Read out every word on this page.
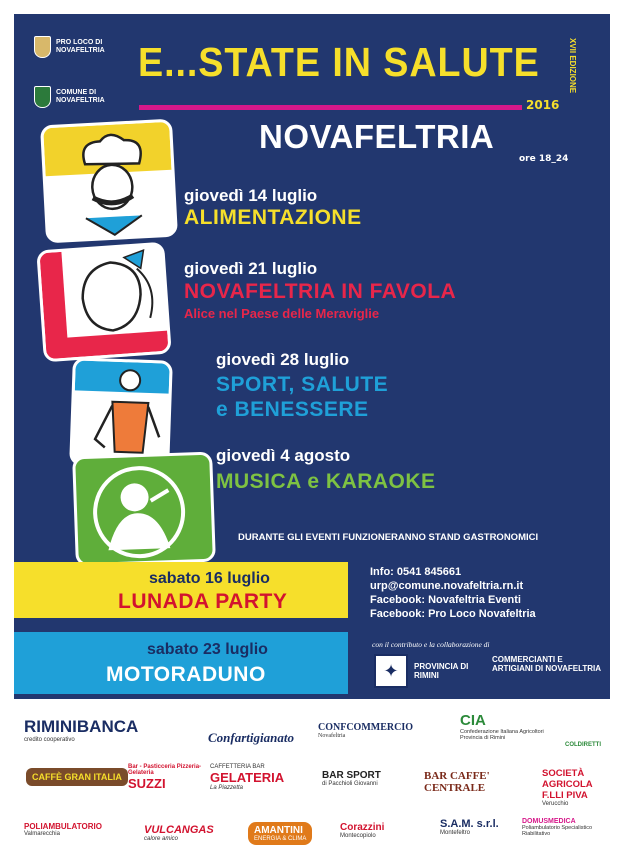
PRO LOCO DI NOVAFELTRIA
COMUNE DI NOVAFELTRIA
E...STATE IN SALUTE	XVII EDIZIONE
2016
NOVAFELTRIA
ore 18_24
giovedì 14 luglio
ALIMENTAZIONE
giovedì 21 luglio
NOVAFELTRIA IN FAVOLA
Alice nel Paese delle Meraviglie
giovedì 28 luglio
SPORT, SALUTE
e BENESSERE
giovedì 4 agosto
MUSICA e KARAOKE
DURANTE GLI EVENTI FUNZIONERANNO STAND GASTRONOMICI
sabato 16 luglio
LUNADA PARTY
sabato 23 luglio
MOTORADUNO
Info: 0541 845661
urp@comune.novafeltria.rn.it
Facebook: Novafeltria Eventi
Facebook: Pro Loco Novafeltria
con il contributo e la collaborazione di
✦	PROVINCIA DI RIMINI
COMMERCIANTI E ARTIGIANI DI NOVAFELTRIA
RIMINIBANCA
credito cooperativo	Confartigianato
CONFCOMMERCIO
Novafeltria
CIA
Confederazione Italiana Agricoltori Provincia di Rimini
COLDIRETTI
CAFFÈ GRAN ITALIA
Bar - Pasticceria Pizzeria-Gelateria
SUZZI
CAFFETTERIA BAR
GELATERIA
La Piazzetta
BAR SPORT
di Pacchioli Giovanni
BAR CAFFE' CENTRALE
SOCIETÀ AGRICOLA F.LLI PIVA
Verucchio
POLIAMBULATORIO
Valmarecchia	VULCANGAS
calore amico
AMANTINI
ENERGIA & CLIMA
Corazzini
Montecopiolo
S.A.M. s.r.l.
Montefeltro
DOMUSMEDICA
Poliambulatorio Specialistico Riabilitativo
